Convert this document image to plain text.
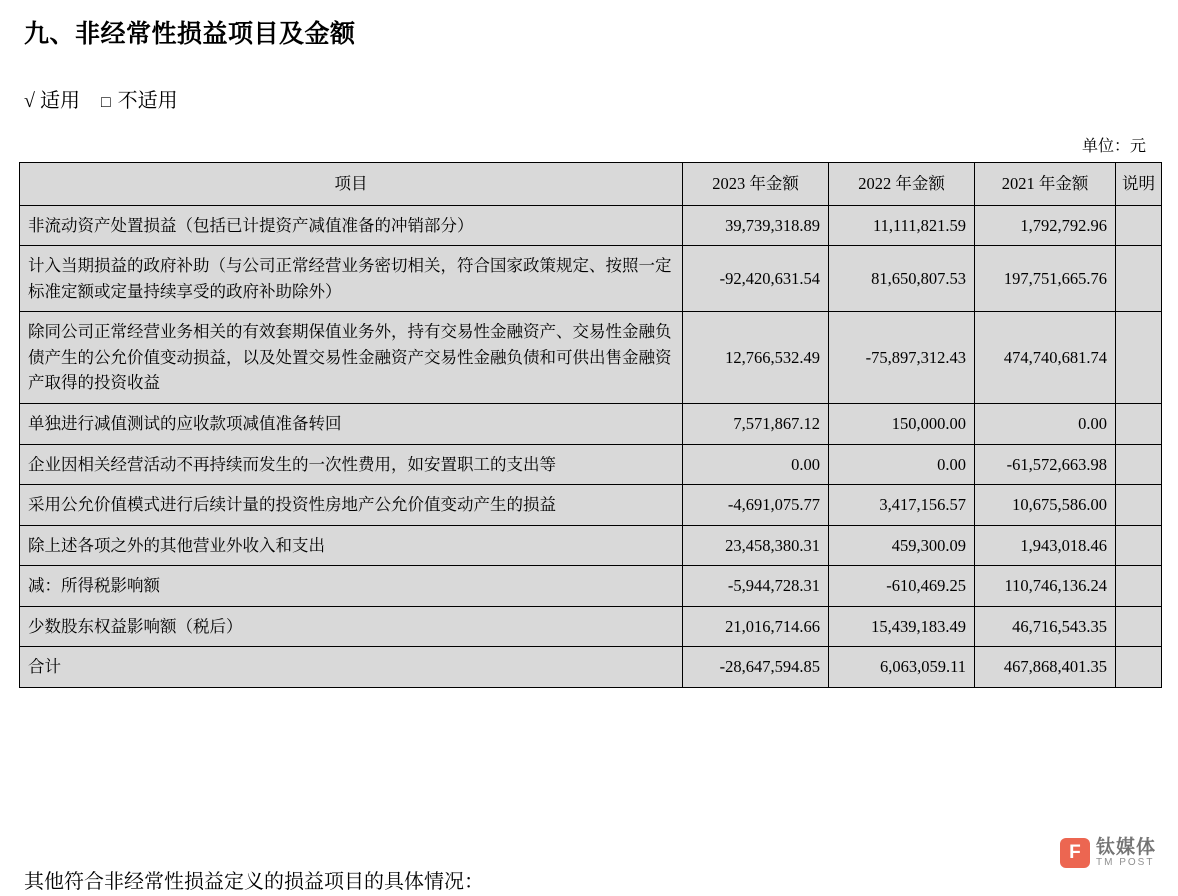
九、非经常性损益项目及金额
√ 适用 □ 不适用
单位：元
项目	2023 年金额	2022 年金额	2021 年金额	说明
非流动资产处置损益（包括已计提资产减值准备的冲销部分）	39,739,318.89	11,111,821.59	1,792,792.96	
计入当期损益的政府补助（与公司正常经营业务密切相关，符合国家政策规定、按照一定标准定额或定量持续享受的政府补助除外）	-92,420,631.54	81,650,807.53	197,751,665.76	
除同公司正常经营业务相关的有效套期保值业务外，持有交易性金融资产、交易性金融负债产生的公允价值变动损益，以及处置交易性金融资产交易性金融负债和可供出售金融资产取得的投资收益	12,766,532.49	-75,897,312.43	474,740,681.74	
单独进行减值测试的应收款项减值准备转回	7,571,867.12	150,000.00	0.00	
企业因相关经营活动不再持续而发生的一次性费用，如安置职工的支出等	0.00	0.00	-61,572,663.98	
采用公允价值模式进行后续计量的投资性房地产公允价值变动产生的损益	-4,691,075.77	3,417,156.57	10,675,586.00	
除上述各项之外的其他营业外收入和支出	23,458,380.31	459,300.09	1,943,018.46	
减：所得税影响额	-5,944,728.31	-610,469.25	110,746,136.24	
少数股东权益影响额（税后）	21,016,714.66	15,439,183.49	46,716,543.35	
合计	-28,647,594.85	6,063,059.11	467,868,401.35	
其他符合非经常性损益定义的损益项目的具体情况：
F 钛媒体
TM POST
